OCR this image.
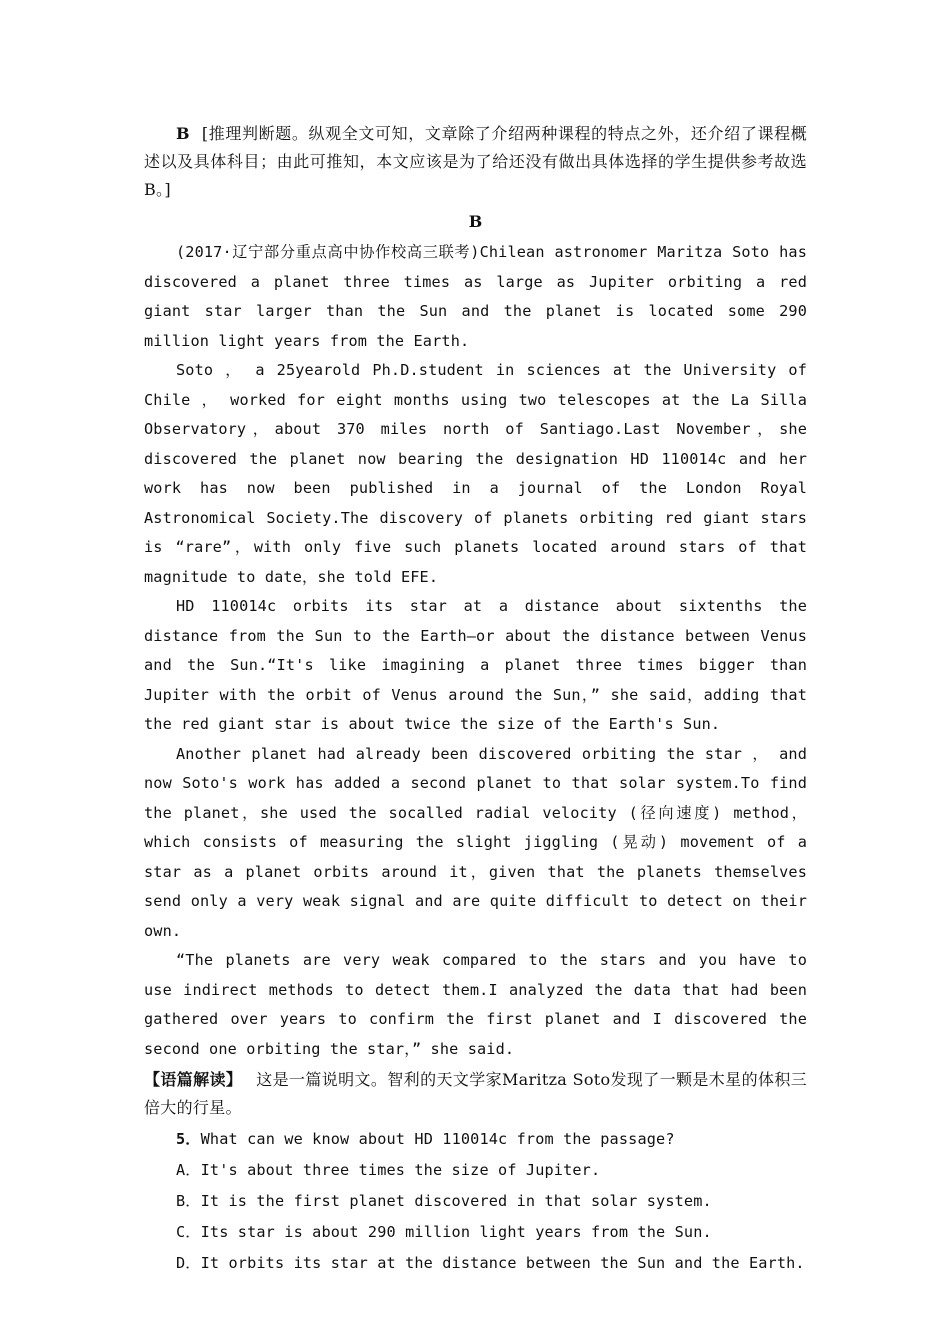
B [推理判断题。纵观全文可知，文章除了介绍两种课程的特点之外，还介绍了课程概述以及具体科目；由此可推知，本文应该是为了给还没有做出具体选择的学生提供参考故选B。]

B

(2017·辽宁部分重点高中协作校高三联考)Chilean astronomer Maritza Soto has discovered a planet three times as large as Jupiter orbiting a red giant star larger than the Sun and the planet is located some 290 million light years from the Earth.

Soto ， a 25yearold Ph.D.student in sciences at the University of Chile ， worked for eight months using two telescopes at the La Silla Observatory，about 370 miles north of Santiago.Last November，she discovered the planet now bearing the designation HD 110014c and her work has now been published in a journal of the London Royal Astronomical Society.The discovery of planets orbiting red giant stars is “rare”，with only five such planets located around stars of that magnitude to date，she told EFE.

HD 110014c orbits its star at a distance about sixtenths the distance from the Sun to the Earth—or about the distance between Venus and the Sun.“It's like imagining a planet three times bigger than Jupiter with the orbit of Venus around the Sun，” she said，adding that the red giant star is about twice the size of the Earth's Sun.

Another planet had already been discovered orbiting the star ， and now Soto's work has added a second planet to that solar system.To find the planet，she used the socalled radial velocity (径向速度) method，which consists of measuring the slight jiggling (晃动) movement of a star as a planet orbits around it，given that the planets themselves send only a very weak signal and are quite difficult to detect on their own.

“The planets are very weak compared to the stars and you have to use indirect methods to detect them.I analyzed the data that had been gathered over years to confirm the first planet and I discovered the second one orbiting the star，” she said.

【语篇解读】 这是一篇说明文。智利的天文学家Maritza Soto发现了一颗是木星的体积三倍大的行星。

5．What can we know about HD 110014c from the passage?

A．It's about three times the size of Jupiter.

B．It is the first planet discovered in that solar system.

C．Its star is about 290 million light years from the Sun.

D．It orbits its star at the distance between the Sun and the Earth.
